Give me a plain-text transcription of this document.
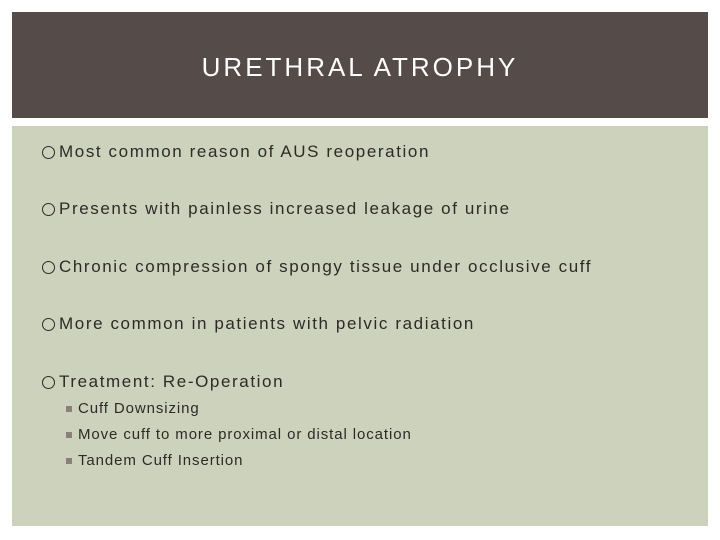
URETHRAL ATROPHY
Most common reason of AUS reoperation
Presents with painless increased leakage of urine
Chronic compression of spongy tissue under occlusive cuff
More common in patients with pelvic radiation
Treatment: Re-Operation
Cuff Downsizing
Move cuff to more proximal or distal location
Tandem Cuff Insertion
